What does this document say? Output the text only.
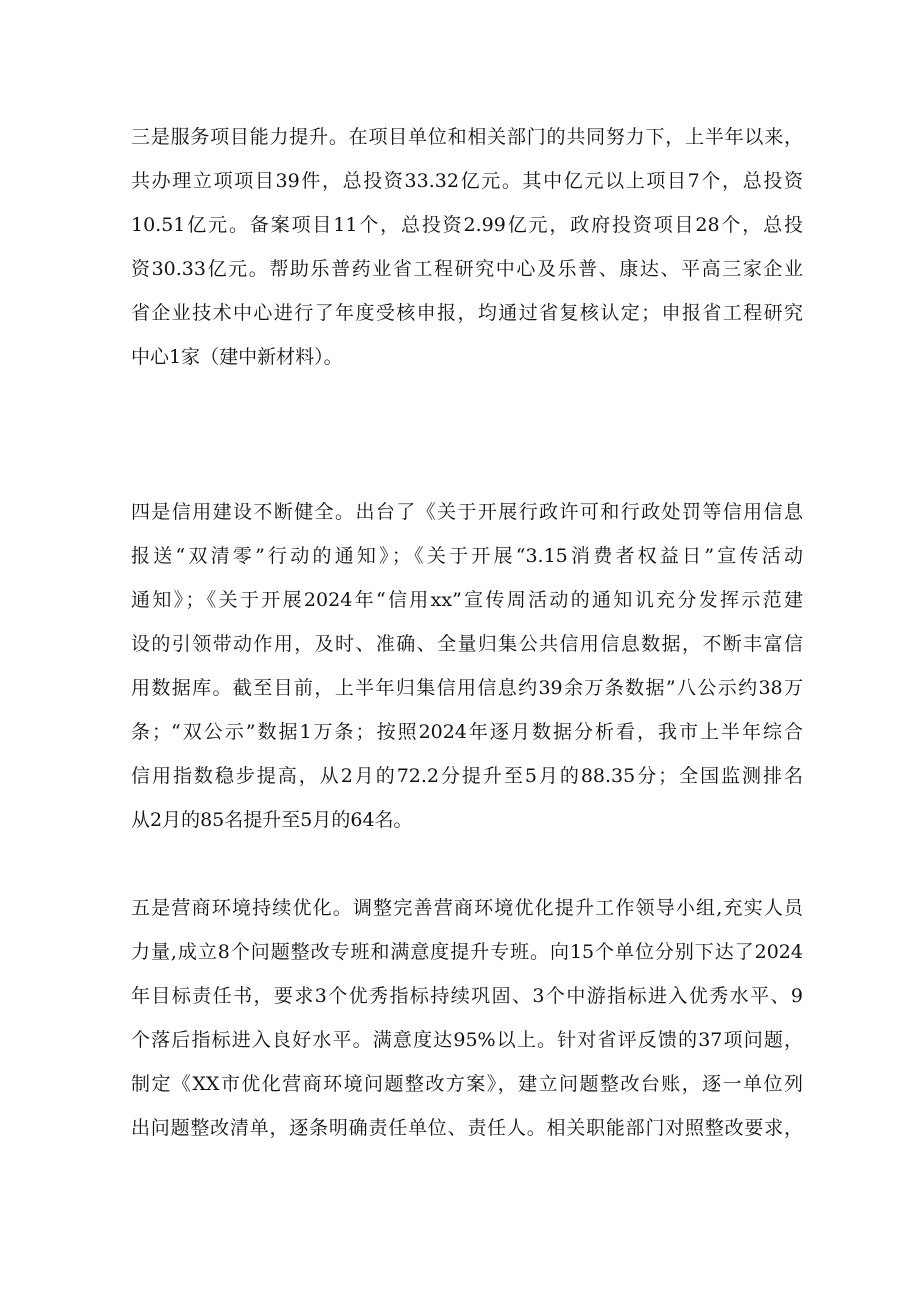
三是服务项目能力提升。在项目单位和相关部门的共同努力下，上半年以来，
共办理立项项目39件，总投资33.32亿元。其中亿元以上项目7个，总投资
10.51亿元。备案项目11个，总投资2.99亿元，政府投资项目28个，总投
资30.33亿元。帮助乐普药业省工程研究中心及乐普、康达、平高三家企业
省企业技术中心进行了年度受核申报，均通过省复核认定；申报省工程研究
中心1家（建中新材料）。
四是信用建设不断健全。出台了《关于开展行政许可和行政处罚等信用信息
报送“双清零”行动的通知》；《关于开展“3.15消费者权益日”宣传活动
通知》；《关于开展2024年“信用xx”宣传周活动的通知讥充分发挥示范建
设的引领带动作用，及时、准确、全量归集公共信用信息数据，不断丰富信
用数据库。截至目前，上半年归集信用信息约39余万条数据”八公示约38万
条；“双公示”数据1万条；按照2024年逐月数据分析看，我市上半年综合
信用指数稳步提高，从2月的72.2分提升至5月的88.35分；全国监测排名
从2月的85名提升至5月的64名。
五是营商环境持续优化。调整完善营商环境优化提升工作领导小组,充实人员
力量,成立8个问题整改专班和满意度提升专班。向15个单位分别下达了2024
年目标责任书，要求3个优秀指标持续巩固、3个中游指标进入优秀水平、9
个落后指标进入良好水平。满意度达95%以上。针对省评反馈的37项问题，
制定《XX市优化营商环境问题整改方案》，建立问题整改台账，逐一单位列
出问题整改清单，逐条明确责任单位、责任人。相关职能部门对照整改要求，
